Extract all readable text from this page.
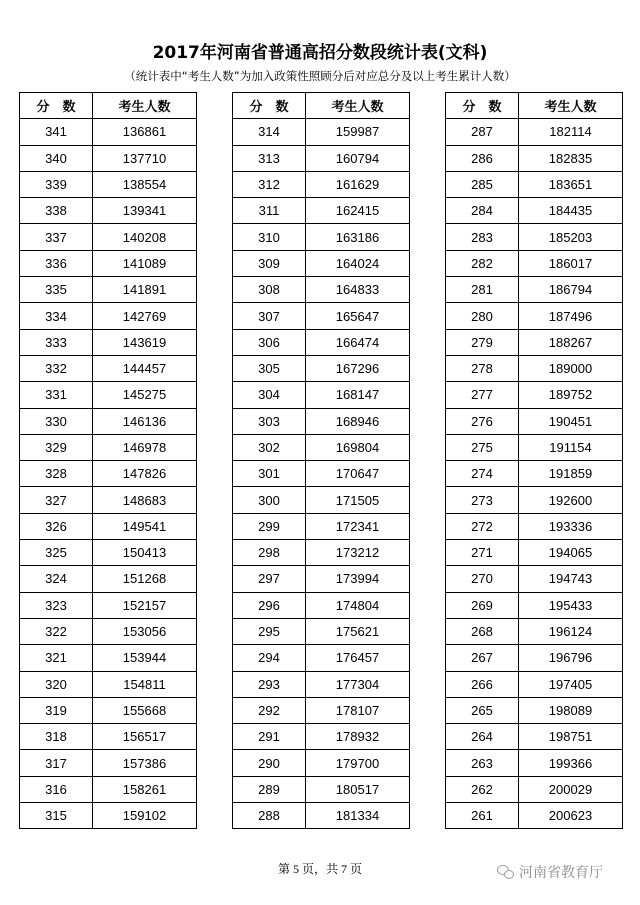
2017年河南省普通高招分数段统计表(文科)
（统计表中“考生人数”为加入政策性照顾分后对应总分及以上考生累计人数）
分　数	考生人数
341	136861
340	137710
339	138554
338	139341
337	140208
336	141089
335	141891
334	142769
333	143619
332	144457
331	145275
330	146136
329	146978
328	147826
327	148683
326	149541
325	150413
324	151268
323	152157
322	153056
321	153944
320	154811
319	155668
318	156517
317	157386
316	158261
315	159102
分　数	考生人数
314	159987
313	160794
312	161629
311	162415
310	163186
309	164024
308	164833
307	165647
306	166474
305	167296
304	168147
303	168946
302	169804
301	170647
300	171505
299	172341
298	173212
297	173994
296	174804
295	175621
294	176457
293	177304
292	178107
291	178932
290	179700
289	180517
288	181334
分　数	考生人数
287	182114
286	182835
285	183651
284	184435
283	185203
282	186017
281	186794
280	187496
279	188267
278	189000
277	189752
276	190451
275	191154
274	191859
273	192600
272	193336
271	194065
270	194743
269	195433
268	196124
267	196796
266	197405
265	198089
264	198751
263	199366
262	200029
261	200623
第 5 页，共 7 页	河南省教育厅
